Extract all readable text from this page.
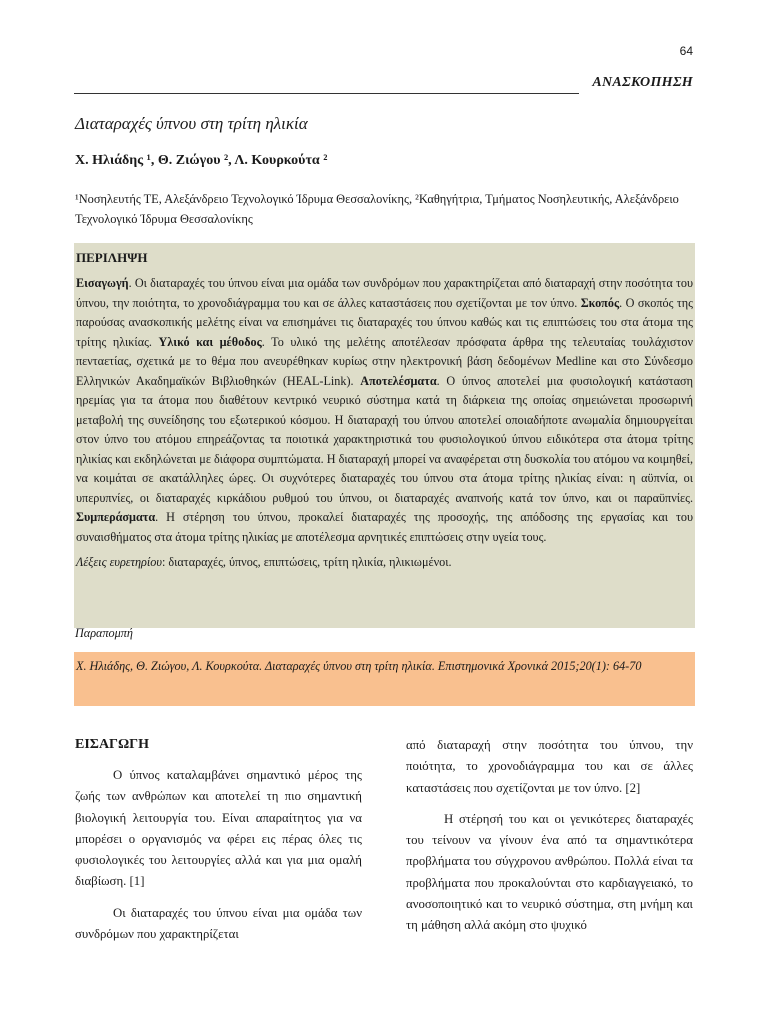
64
ΑΝΑΣΚΟΠΗΣΗ
Διαταραχές ύπνου στη τρίτη ηλικία
Χ. Ηλιάδης ¹, Θ. Ζιώγου ², Λ. Κουρκούτα ²
¹Νοσηλευτής ΤΕ, Αλεξάνδρειο Τεχνολογικό Ίδρυμα Θεσσαλονίκης, ²Καθηγήτρια, Τμήματος Νοσηλευτικής, Αλεξάνδρειο Τεχνολογικό Ίδρυμα Θεσσαλονίκης
ΠΕΡΙΛΗΨΗ
Εισαγωγή. Οι διαταραχές του ύπνου είναι μια ομάδα των συνδρόμων που χαρακτηρίζεται από διαταραχή στην ποσότητα του ύπνου, την ποιότητα, το χρονοδιάγραμμα του και σε άλλες καταστάσεις που σχετίζονται με τον ύπνο. Σκοπός. Ο σκοπός της παρούσας ανασκοπικής μελέτης είναι να επισημάνει τις διαταραχές του ύπνου καθώς και τις επιπτώσεις του στα άτομα της τρίτης ηλικίας. Υλικό και μέθοδος. Το υλικό της μελέτης αποτέλεσαν πρόσφατα άρθρα της τελευταίας τουλάχιστον πενταετίας, σχετικά με το θέμα που ανευρέθηκαν κυρίως στην ηλεκτρονική βάση δεδομένων Medline και στο Σύνδεσμο Ελληνικών Ακαδημαϊκών Βιβλιοθηκών (HEAL-Link). Αποτελέσματα. Ο ύπνος αποτελεί μια φυσιολογική κατάσταση ηρεμίας για τα άτομα που διαθέτουν κεντρικό νευρικό σύστημα κατά τη διάρκεια της οποίας σημειώνεται προσωρινή μεταβολή της συνείδησης του εξωτερικού κόσμου. Η διαταραχή του ύπνου αποτελεί οποιαδήποτε ανωμαλία δημιουργείται στον ύπνο του ατόμου επηρεάζοντας τα ποιοτικά χαρακτηριστικά του φυσιολογικού ύπνου ειδικότερα στα άτομα τρίτης ηλικίας και εκδηλώνεται με διάφορα συμπτώματα. Η διαταραχή μπορεί να αναφέρεται στη δυσκολία του ατόμου να κοιμηθεί, να κοιμάται σε ακατάλληλες ώρες. Οι συχνότερες διαταραχές του ύπνου στα άτομα τρίτης ηλικίας είναι: η αϋπνία, οι υπερυπνίες, οι διαταραχές κιρκάδιου ρυθμού του ύπνου, οι διαταραχές αναπνοής κατά τον ύπνο, και οι παραϋπνίες. Συμπεράσματα. Η στέρηση του ύπνου, προκαλεί διαταραχές της προσοχής, της απόδοσης της εργασίας και του συναισθήματος στα άτομα τρίτης ηλικίας με αποτέλεσμα αρνητικές επιπτώσεις στην υγεία τους.
Λέξεις ευρετηρίου: διαταραχές, ύπνος, επιπτώσεις, τρίτη ηλικία, ηλικιωμένοι.
Παραπομπή
Χ. Ηλιάδης, Θ. Ζιώγου, Λ. Κουρκούτα. Διαταραχές ύπνου στη τρίτη ηλικία. Επιστημονικά Χρονικά 2015;20(1): 64-70
ΕΙΣΑΓΩΓΗ

Ο ύπνος καταλαμβάνει σημαντικό μέρος της ζωής των ανθρώπων και αποτελεί τη πιο σημαντική βιολογική λειτουργία του. Είναι απαραίτητος για να μπορέσει ο οργανισμός να φέρει εις πέρας όλες τις φυσιολογικές του λειτουργίες αλλά και για μια ομαλή διαβίωση. [1]

Οι διαταραχές του ύπνου είναι μια ομάδα των συνδρόμων που χαρακτηρίζεται

από διαταραχή στην ποσότητα του ύπνου, την ποιότητα, το χρονοδιάγραμμα του και σε άλλες καταστάσεις που σχετίζονται με τον ύπνο. [2]

Η στέρησή του και οι γενικότερες διαταραχές του τείνουν να γίνουν ένα από τα σημαντικότερα προβλήματα του σύγχρονου ανθρώπου. Πολλά είναι τα προβλήματα που προκαλούνται στο καρδιαγγειακό, το ανοσοποιητικό και το νευρικό σύστημα, στη μνήμη και τη μάθηση αλλά ακόμη στο ψυχικό
